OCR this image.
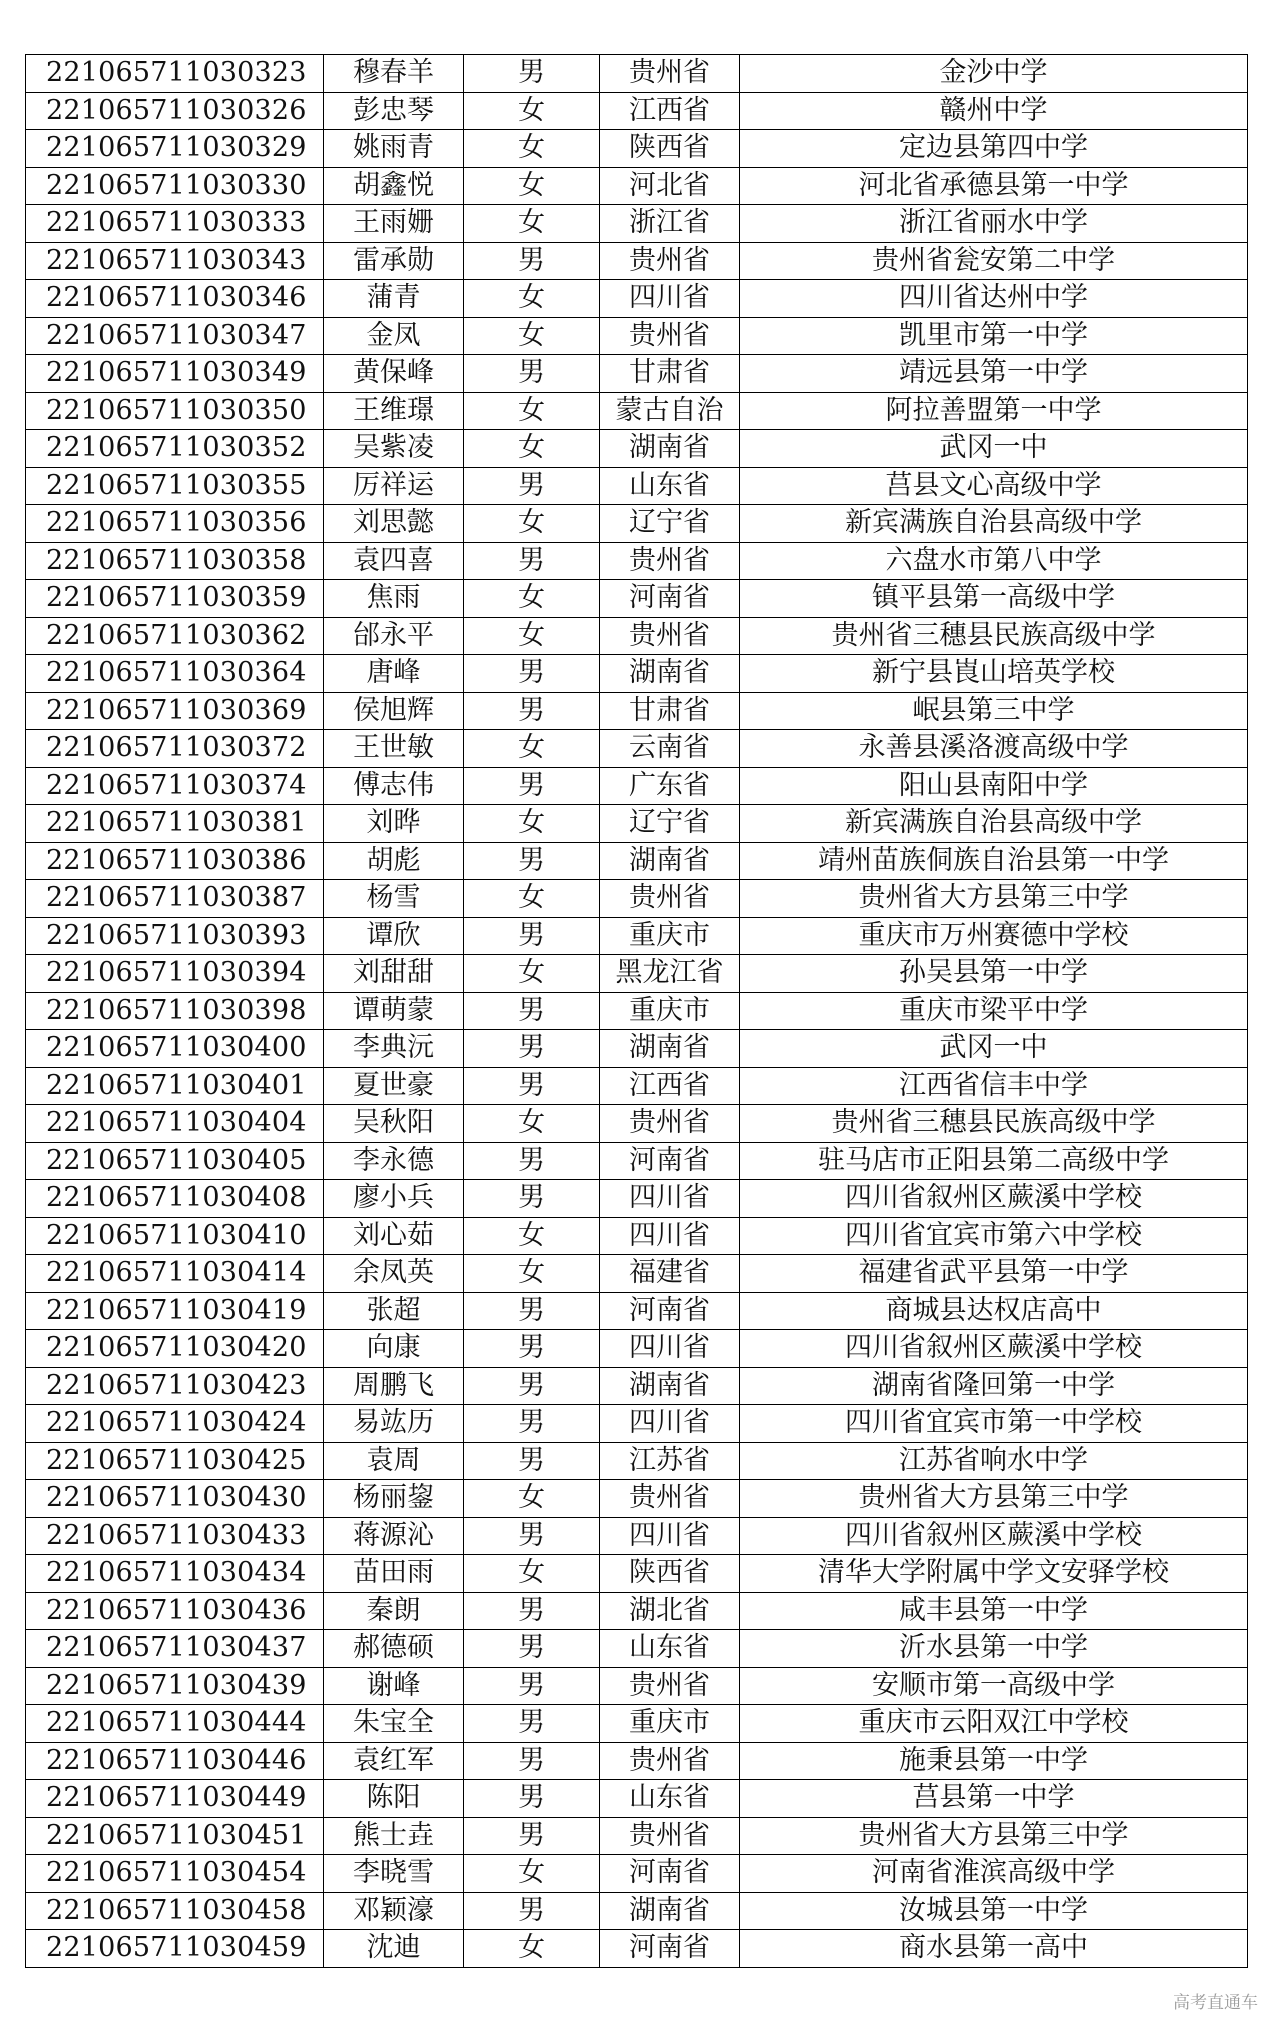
221065711030323	穆春羊	男	贵州省	金沙中学
221065711030326	彭忠琴	女	江西省	赣州中学
221065711030329	姚雨青	女	陕西省	定边县第四中学
221065711030330	胡鑫悦	女	河北省	河北省承德县第一中学
221065711030333	王雨姗	女	浙江省	浙江省丽水中学
221065711030343	雷承勋	男	贵州省	贵州省瓮安第二中学
221065711030346	蒲青	女	四川省	四川省达州中学
221065711030347	金凤	女	贵州省	凯里市第一中学
221065711030349	黄保峰	男	甘肃省	靖远县第一中学
221065711030350	王维璟	女	蒙古自治	阿拉善盟第一中学
221065711030352	吴紫凌	女	湖南省	武冈一中
221065711030355	厉祥运	男	山东省	莒县文心高级中学
221065711030356	刘思懿	女	辽宁省	新宾满族自治县高级中学
221065711030358	袁四喜	男	贵州省	六盘水市第八中学
221065711030359	焦雨	女	河南省	镇平县第一高级中学
221065711030362	邰永平	女	贵州省	贵州省三穗县民族高级中学
221065711030364	唐峰	男	湖南省	新宁县崀山培英学校
221065711030369	侯旭辉	男	甘肃省	岷县第三中学
221065711030372	王世敏	女	云南省	永善县溪洛渡高级中学
221065711030374	傅志伟	男	广东省	阳山县南阳中学
221065711030381	刘晔	女	辽宁省	新宾满族自治县高级中学
221065711030386	胡彪	男	湖南省	靖州苗族侗族自治县第一中学
221065711030387	杨雪	女	贵州省	贵州省大方县第三中学
221065711030393	谭欣	男	重庆市	重庆市万州赛德中学校
221065711030394	刘甜甜	女	黑龙江省	孙吴县第一中学
221065711030398	谭萌蒙	男	重庆市	重庆市梁平中学
221065711030400	李典沅	男	湖南省	武冈一中
221065711030401	夏世豪	男	江西省	江西省信丰中学
221065711030404	吴秋阳	女	贵州省	贵州省三穗县民族高级中学
221065711030405	李永德	男	河南省	驻马店市正阳县第二高级中学
221065711030408	廖小兵	男	四川省	四川省叙州区蕨溪中学校
221065711030410	刘心茹	女	四川省	四川省宜宾市第六中学校
221065711030414	余凤英	女	福建省	福建省武平县第一中学
221065711030419	张超	男	河南省	商城县达权店高中
221065711030420	向康	男	四川省	四川省叙州区蕨溪中学校
221065711030423	周鹏飞	男	湖南省	湖南省隆回第一中学
221065711030424	易竑历	男	四川省	四川省宜宾市第一中学校
221065711030425	袁周	男	江苏省	江苏省响水中学
221065711030430	杨丽鋆	女	贵州省	贵州省大方县第三中学
221065711030433	蒋源沁	男	四川省	四川省叙州区蕨溪中学校
221065711030434	苗田雨	女	陕西省	清华大学附属中学文安驿学校
221065711030436	秦朗	男	湖北省	咸丰县第一中学
221065711030437	郝德硕	男	山东省	沂水县第一中学
221065711030439	谢峰	男	贵州省	安顺市第一高级中学
221065711030444	朱宝全	男	重庆市	重庆市云阳双江中学校
221065711030446	袁红军	男	贵州省	施秉县第一中学
221065711030449	陈阳	男	山东省	莒县第一中学
221065711030451	熊士垚	男	贵州省	贵州省大方县第三中学
221065711030454	李晓雪	女	河南省	河南省淮滨高级中学
221065711030458	邓颖濠	男	湖南省	汝城县第一中学
221065711030459	沈迪	女	河南省	商水县第一高中
高考直通车
